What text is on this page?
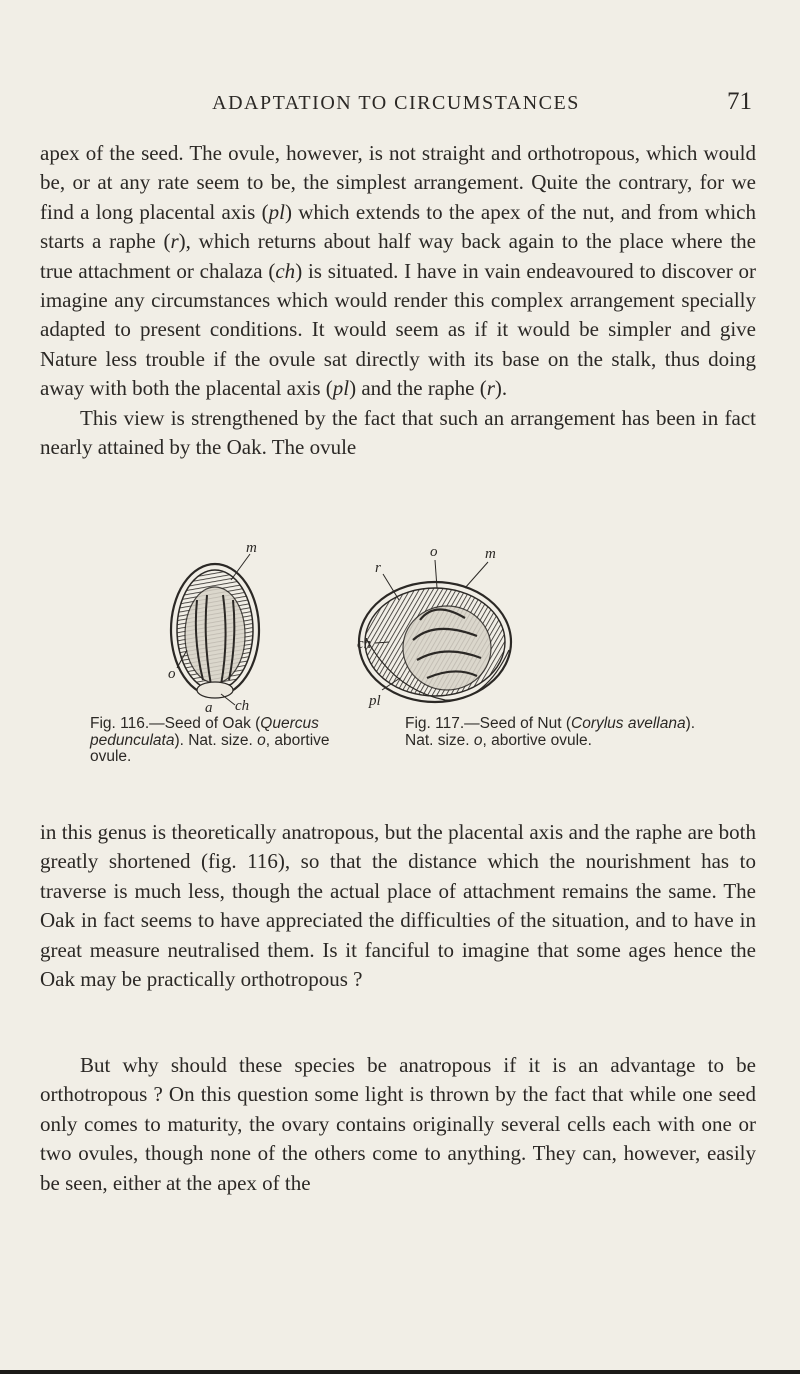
ADAPTATION TO CIRCUMSTANCES	71

apex of the seed. The ovule, however, is not straight and orthotropous, which would be, or at any rate seem to be, the simplest arrangement. Quite the contrary, for we find a long placental axis (pl) which extends to the apex of the nut, and from which starts a raphe (r), which returns about half way back again to the place where the true attachment or chalaza (ch) is situated. I have in vain endeavoured to discover or imagine any circumstances which would render this complex arrangement specially adapted to present conditions. It would seem as if it would be simpler and give Nature less trouble if the ovule sat directly with its base on the stalk, thus doing away with both the placental axis (pl) and the raphe (r).
This view is strengthened by the fact that such an arrangement has been in fact nearly attained by the Oak. The ovule

m
o
a ch
o	m
r
ch
pl

Fig. 116.—Seed of Oak (Quercus pedunculata). Nat. size. o, abortive ovule.

Fig. 117.—Seed of Nut (Corylus avellana). Nat. size. o, abortive ovule.

in this genus is theoretically anatropous, but the placental axis and the raphe are both greatly shortened (fig. 116), so that the distance which the nourishment has to traverse is much less, though the actual place of attachment remains the same. The Oak in fact seems to have appreciated the difficulties of the situation, and to have in great measure neutralised them. Is it fanciful to imagine that some ages hence the Oak may be practically orthotropous ?

But why should these species be anatropous if it is an advantage to be orthotropous ? On this question some light is thrown by the fact that while one seed only comes to maturity, the ovary contains originally several cells each with one or two ovules, though none of the others come to anything. They can, however, easily be seen, either at the apex of the
